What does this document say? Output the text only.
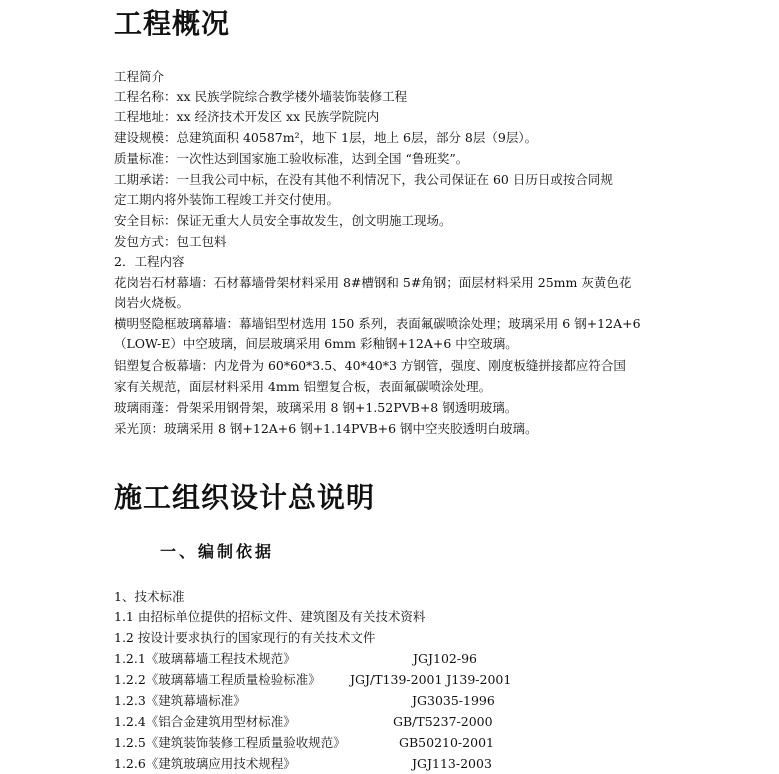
工程概况
工程简介
工程名称：xx 民族学院综合教学楼外墙装饰装修工程
工程地址：xx 经济技术开发区 xx 民族学院院内
建设规模：总建筑面积 40587m²，地下 1层，地上 6层，部分 8层（9层）。
质量标准：一次性达到国家施工验收标准，达到全国 “鲁班奖”。
工期承诺：一旦我公司中标，在没有其他不利情况下，我公司保证在 60 日历日或按合同规
定工期内将外装饰工程竣工并交付使用。
安全目标：保证无重大人员安全事故发生，创文明施工现场。
发包方式：包工包料
2．工程内容
花岗岩石材幕墙：石材幕墙骨架材料采用 8#槽钢和 5#角钢；面层材料采用 25mm 灰黄色花
岗岩火烧板。
横明竖隐框玻璃幕墙：幕墙铝型材选用 150 系列，表面氟碳喷涂处理；玻璃采用 6 钢+12A+6
（LOW-E）中空玻璃，间层玻璃采用 6mm 彩釉钢+12A+6 中空玻璃。
铝塑复合板幕墙：内龙骨为 60*60*3.5、40*40*3 方钢管，强度、刚度板缝拼接都应符合国
家有关规范，面层材料采用 4mm 铝塑复合板，表面氟碳喷涂处理。
玻璃雨蓬：骨架采用钢骨架，玻璃采用 8 钢+1.52PVB+8 钢透明玻璃。
采光顶：玻璃采用 8 钢+12A+6 钢+1.14PVB+6 钢中空夹胶透明白玻璃。
施工组织设计总说明
一、编制依据
1、技术标准
1.1 由招标单位提供的招标文件、建筑图及有关技术资料
1.2 按设计要求执行的国家现行的有关技术文件
1.2.1《玻璃幕墙工程技术规范》	JGJ102-96
1.2.2《玻璃幕墙工程质量检验标准》 JGJ/T139-2001 J139-2001
1.2.3《建筑幕墙标准》	JG3035-1996
1.2.4《铝合金建筑用型材标准》	GB/T5237-2000
1.2.5《建筑装饰装修工程质量验收规范》	GB50210-2001
1.2.6《建筑玻璃应用技术规程》	JGJ113-2003
